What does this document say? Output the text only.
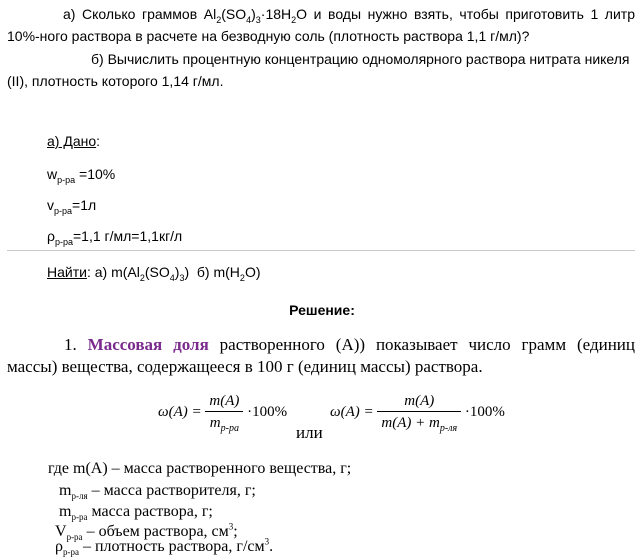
а) Сколько граммов $Al_2(SO_4)_3\cdot 18H_2O$ и воды нужно взять, чтобы приготовить 1 литр 10%-ного раствора в расчете на безводную соль (плотность раствора 1,1 г/мл)?
б) Вычислить процентную концентрацию одномолярного раствора нитрата никеля (II), плотность которого 1,14 г/мл.
а) Дано:
$w_{р-ра} =10\%$
$v_{р-ра}=1л$
$\rho_{р-ра}=1,1$ г/мл=1,1кг/л
Найти: а) $m(Al_2(SO_4)_3)$  б) $m(H_2O)$
Решение:
1. Массовая доля растворенного (А)) показывает число грамм (единиц массы) вещества, содержащееся в 100 г (единиц массы) раствора.
$\omega(A) = \frac{m(A)}{m_{р-ра}} \cdot 100\%$
или
$\omega(A) = \frac{m(A)}{m(A) + m_{р-ля}} \cdot 100\%$
где m(A) – масса растворенного вещества, г;
$m_{р-ля}$ – масса растворителя, г;
$m_{р-ра}$ масса раствора, г;
$V_{р-ра}$ – объем раствора, $см^3$;
$\rho_{р-ра}$ – плотность раствора, $г/см^3$.
